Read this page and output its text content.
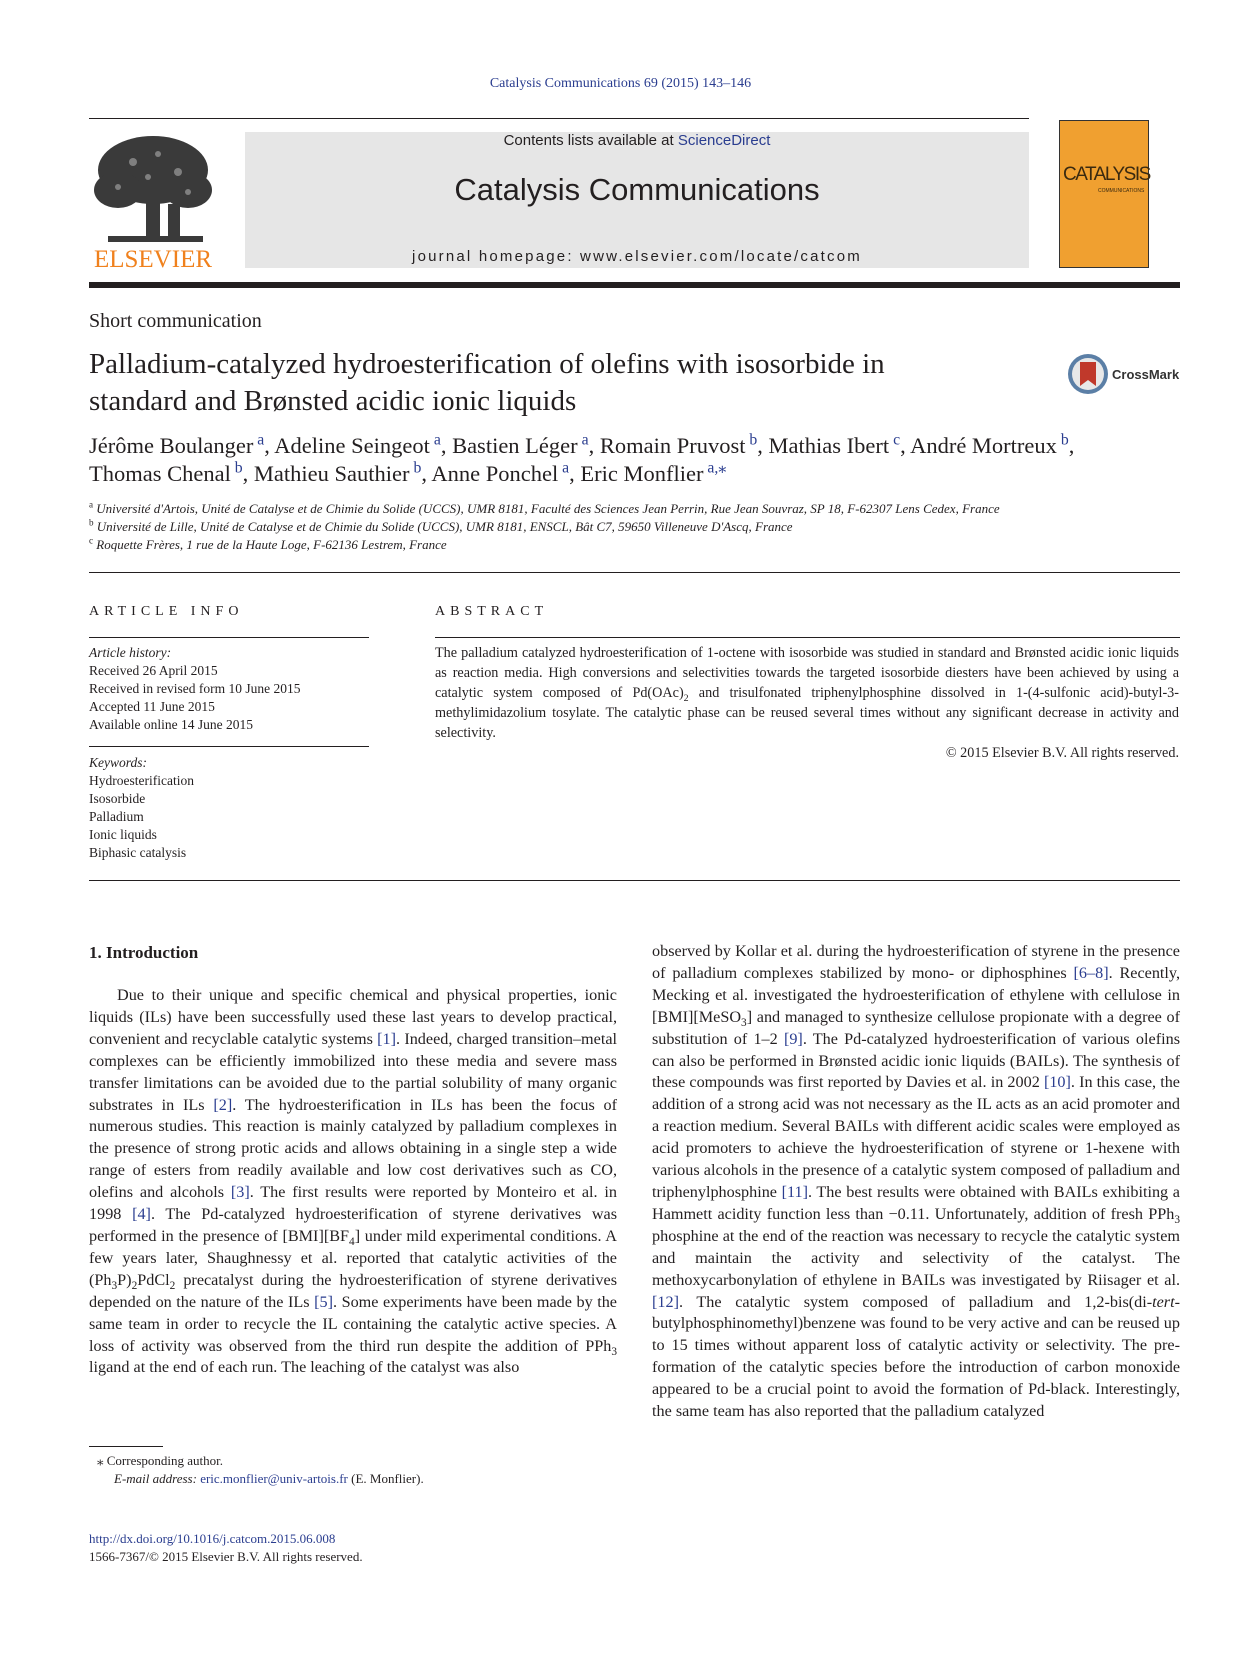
Catalysis Communications 69 (2015) 143–146
ELSEVIER
Contents lists available at ScienceDirect
Catalysis Communications
journal homepage: www.elsevier.com/locate/catcom
CATALYSIS
COMMUNICATIONS
Short communication
Palladium-catalyzed hydroesterification of olefins with isosorbide in
standard and Brønsted acidic ionic liquids
CrossMark
Jérôme Boulanger $^a$, Adeline Seingeot $^a$, Bastien Léger $^a$, Romain Pruvost $^b$, Mathias Ibert $^c$, André Mortreux $^b$,
Thomas Chenal $^b$, Mathieu Sauthier $^b$, Anne Ponchel $^a$, Eric Monflier $^{a,⁎}$
$^a$ Université d'Artois, Unité de Catalyse et de Chimie du Solide (UCCS), UMR 8181, Faculté des Sciences Jean Perrin, Rue Jean Souvraz, SP 18, F-62307 Lens Cedex, France
$^b$ Université de Lille, Unité de Catalyse et de Chimie du Solide (UCCS), UMR 8181, ENSCL, Bât C7, 59650 Villeneuve D'Ascq, France
$^c$ Roquette Frères, 1 rue de la Haute Loge, F-62136 Lestrem, France
ARTICLE INFO
Article history:
Received 26 April 2015
Received in revised form 10 June 2015
Accepted 11 June 2015
Available online 14 June 2015
Keywords:
Hydroesterification
Isosorbide
Palladium
Ionic liquids
Biphasic catalysis
ABSTRACT
The palladium catalyzed hydroesterification of 1-octene with isosorbide was studied in standard and Brønsted acidic ionic liquids as reaction media. High conversions and selectivities towards the targeted isosorbide diesters have been achieved by using a catalytic system composed of $Pd(OAc)_2$ and trisulfonated triphenylphosphine dissolved in 1-(4-sulfonic acid)-butyl-3-methylimidazolium tosylate. The catalytic phase can be reused several times without any significant decrease in activity and selectivity.
© 2015 Elsevier B.V. All rights reserved.
1. Introduction

Due to their unique and specific chemical and physical properties, ionic liquids (ILs) have been successfully used these last years to develop practical, convenient and recyclable catalytic systems [1]. Indeed, charged transition–metal complexes can be efficiently immobilized into these media and severe mass transfer limitations can be avoided due to the partial solubility of many organic substrates in ILs [2]. The hydroesterification in ILs has been the focus of numerous studies. This reaction is mainly catalyzed by palladium complexes in the presence of strong protic acids and allows obtaining in a single step a wide range of esters from readily available and low cost derivatives such as CO, olefins and alcohols [3]. The first results were reported by Monteiro et al. in 1998 [4]. The Pd-catalyzed hydroesterification of styrene derivatives was performed in the presence of $[BMI][BF_4]$ under mild experimental conditions. A few years later, Shaughnessy et al. reported that catalytic activities of the $(Ph_3P)_2PdCl_2$ precatalyst during the hydroesterification of styrene derivatives depended on the nature of the ILs [5]. Some experiments have been made by the same team in order to recycle the IL containing the catalytic active species. A loss of activity was observed from the third run despite the addition of PPh$_3$ ligand at the end of each run. The leaching of the catalyst was also

observed by Kollar et al. during the hydroesterification of styrene in the presence of palladium complexes stabilized by mono- or diphosphines [6–8]. Recently, Mecking et al. investigated the hydroesterification of ethylene with cellulose in [BMI][MeSO$_3$] and managed to synthesize cellulose propionate with a degree of substitution of 1–2 [9]. The Pd-catalyzed hydroesterification of various olefins can also be performed in Brønsted acidic ionic liquids (BAILs). The synthesis of these compounds was first reported by Davies et al. in 2002 [10]. In this case, the addition of a strong acid was not necessary as the IL acts as an acid promoter and a reaction medium. Several BAILs with different acidic scales were employed as acid promoters to achieve the hydroesterification of styrene or 1-hexene with various alcohols in the presence of a catalytic system composed of palladium and triphenylphosphine [11]. The best results were obtained with BAILs exhibiting a Hammett acidity function less than −0.11. Unfortunately, addition of fresh PPh$_3$ phosphine at the end of the reaction was necessary to recycle the catalytic system and maintain the activity and selectivity of the catalyst. The methoxycarbonylation of ethylene in BAILs was investigated by Riisager et al. [12]. The catalytic system composed of palladium and 1,2-bis(di-tert-butylphosphinomethyl)benzene was found to be very active and can be reused up to 15 times without apparent loss of catalytic activity or selectivity. The pre-formation of the catalytic species before the introduction of carbon monoxide appeared to be a crucial point to avoid the formation of Pd-black. Interestingly, the same team has also reported that the palladium catalyzed

⁎ Corresponding author.
E-mail address: eric.monflier@univ-artois.fr (E. Monflier).
http://dx.doi.org/10.1016/j.catcom.2015.06.008
1566-7367/© 2015 Elsevier B.V. All rights reserved.
